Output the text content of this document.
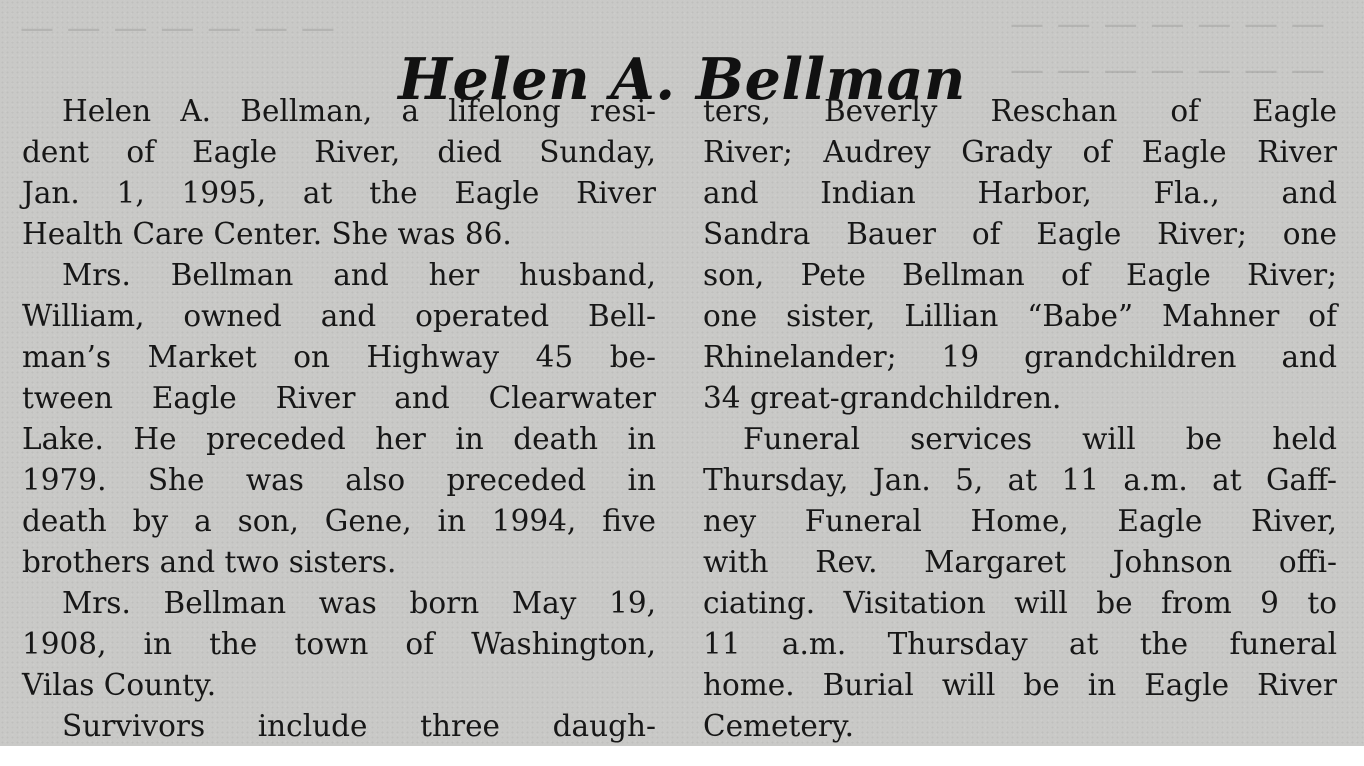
— — — — — — —
— — — — — — —
— — — — — — —
Helen A. Bellman
Helen A. Bellman, a lifelong resi-
dent of Eagle River, died Sunday,
Jan. 1, 1995, at the Eagle River
Health Care Center. She was 86.
Mrs. Bellman and her husband,
William, owned and operated Bell-
man’s Market on Highway 45 be-
tween Eagle River and Clearwater
Lake. He preceded her in death in
1979. She was also preceded in
death by a son, Gene, in 1994, five
brothers and two sisters.
Mrs. Bellman was born May 19,
1908, in the town of Washington,
Vilas County.
Survivors include three daugh-
ters, Beverly Reschan of Eagle
River; Audrey Grady of Eagle River
and Indian Harbor, Fla., and
Sandra Bauer of Eagle River; one
son, Pete Bellman of Eagle River;
one sister, Lillian “Babe” Mahner of
Rhinelander; 19 grandchildren and
34 great-grandchildren.
Funeral services will be held
Thursday, Jan. 5, at 11 a.m. at Gaff-
ney Funeral Home, Eagle River,
with Rev. Margaret Johnson offi-
ciating. Visitation will be from 9 to
11 a.m. Thursday at the funeral
home. Burial will be in Eagle River
Cemetery.
